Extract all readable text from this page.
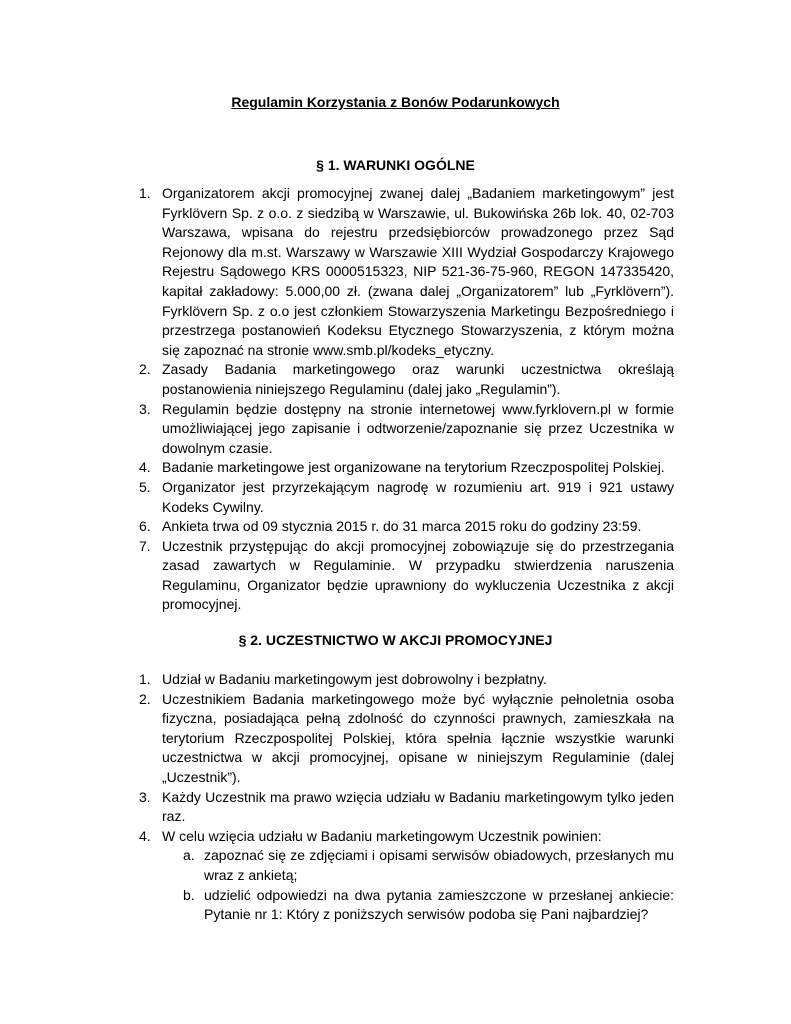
Regulamin Korzystania z Bonów Podarunkowych
§ 1. WARUNKI OGÓLNE
1. Organizatorem akcji promocyjnej zwanej dalej „Badaniem marketingowym” jest Fyrklövern Sp. z o.o. z siedzibą w Warszawie, ul. Bukowińska 26b lok. 40, 02-703 Warszawa, wpisana do rejestru przedsiębiorców prowadzonego przez Sąd Rejonowy dla m.st. Warszawy w Warszawie XIII Wydział Gospodarczy Krajowego Rejestru Sądowego KRS 0000515323, NIP 521-36-75-960, REGON 147335420, kapitał zakładowy: 5.000,00 zł. (zwana dalej „Organizatorem” lub „Fyrklövern”). Fyrklövern Sp. z o.o jest członkiem Stowarzyszenia Marketingu Bezpośredniego i przestrzega postanowień Kodeksu Etycznego Stowarzyszenia, z którym można się zapoznać na stronie www.smb.pl/kodeks_etyczny.
2. Zasady Badania marketingowego oraz warunki uczestnictwa określają postanowienia niniejszego Regulaminu (dalej jako „Regulamin”).
3. Regulamin będzie dostępny na stronie internetowej www.fyrklovern.pl w formie umożliwiającej jego zapisanie i odtworzenie/zapoznanie się przez Uczestnika w dowolnym czasie.
4. Badanie marketingowe jest organizowane na terytorium Rzeczpospolitej Polskiej.
5. Organizator jest przyrzekającym nagrodę w rozumieniu art. 919 i 921 ustawy Kodeks Cywilny.
6. Ankieta trwa od 09 stycznia 2015 r. do 31 marca 2015 roku do godziny 23:59.
7. Uczestnik przystępując do akcji promocyjnej zobowiązuje się do przestrzegania zasad zawartych w Regulaminie. W przypadku stwierdzenia naruszenia Regulaminu, Organizator będzie uprawniony do wykluczenia Uczestnika z akcji promocyjnej.
§ 2. UCZESTNICTWO W AKCJI PROMOCYJNEJ
1. Udział w Badaniu marketingowym jest dobrowolny i bezpłatny.
2. Uczestnikiem Badania marketingowego może być wyłącznie pełnoletnia osoba fizyczna, posiadająca pełną zdolność do czynności prawnych, zamieszkała na terytorium Rzeczpospolitej Polskiej, która spełnia łącznie wszystkie warunki uczestnictwa w akcji promocyjnej, opisane w niniejszym Regulaminie (dalej „Uczestnik”).
3. Każdy Uczestnik ma prawo wzięcia udziału w Badaniu marketingowym tylko jeden raz.
4. W celu wzięcia udziału w Badaniu marketingowym Uczestnik powinien:
a. zapoznać się ze zdjęciami i opisami serwisów obiadowych, przesłanych mu wraz z ankietą;
b. udzielić odpowiedzi na dwa pytania zamieszczone w przesłanej ankiecie: Pytanie nr 1: Który z poniższych serwisów podoba się Pani najbardziej?
